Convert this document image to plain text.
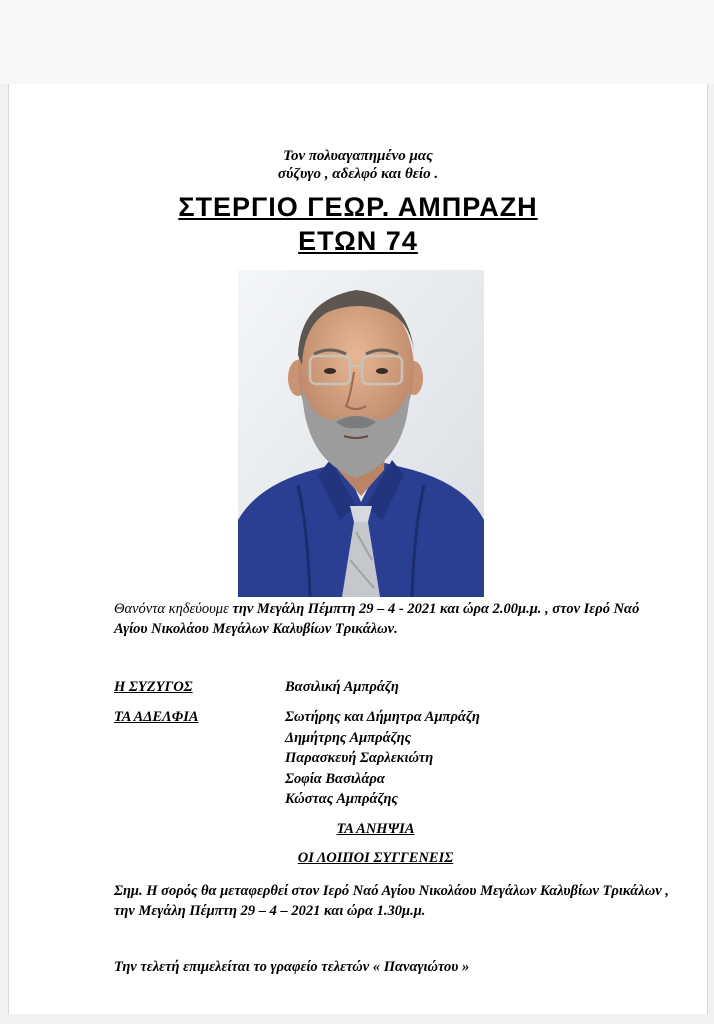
Τον πολυαγαπημένο μας
σύζυγο , αδελφό και θείο .
ΣΤΕΡΓΙΟ ΓΕΩΡ. ΑΜΠΡΑΖΗ
ΕΤΩΝ 74
Θανόντα κηδεύουμε την Μεγάλη Πέμπτη 29 – 4 - 2021 και ώρα 2.00μ.μ. , στον Ιερό Ναό Αγίου Νικολάου Μεγάλων Καλυβίων Τρικάλων.
Η ΣΥΖΥΓΟΣ	Βασιλική Αμπράζη
ΤΑ ΑΔΕΛΦΙΑ	Σωτήρης και Δήμητρα Αμπράζη
Δημήτρης Αμπράζης
Παρασκευή Σαρλεκιώτη
Σοφία Βασιλάρα
Κώστας Αμπράζης
ΤΑ ΑΝΗΨΙΑ
ΟΙ ΛΟΙΠΟΙ ΣΥΓΓΕΝΕΙΣ
Σημ. Η σορός θα μεταφερθεί στον Ιερό Ναό Αγίου Νικολάου Μεγάλων Καλυβίων Τρικάλων , την Μεγάλη Πέμπτη 29 – 4 – 2021 και ώρα 1.30μ.μ.
Την τελετή επιμελείται το γραφείο τελετών « Παναγιώτου »
